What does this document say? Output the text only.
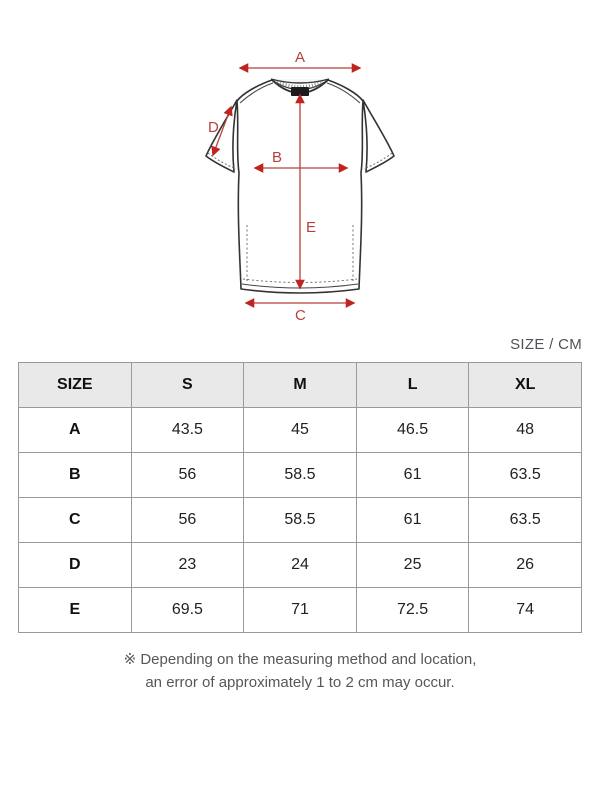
A
D
B
E
C
SIZE / CM
SIZE	S	M	L	XL
A	43.5	45	46.5	48
B	56	58.5	61	63.5
C	56	58.5	61	63.5
D	23	24	25	26
E	69.5	71	72.5	74
※ Depending on the measuring method and location,
an error of approximately 1 to 2 cm may occur.
